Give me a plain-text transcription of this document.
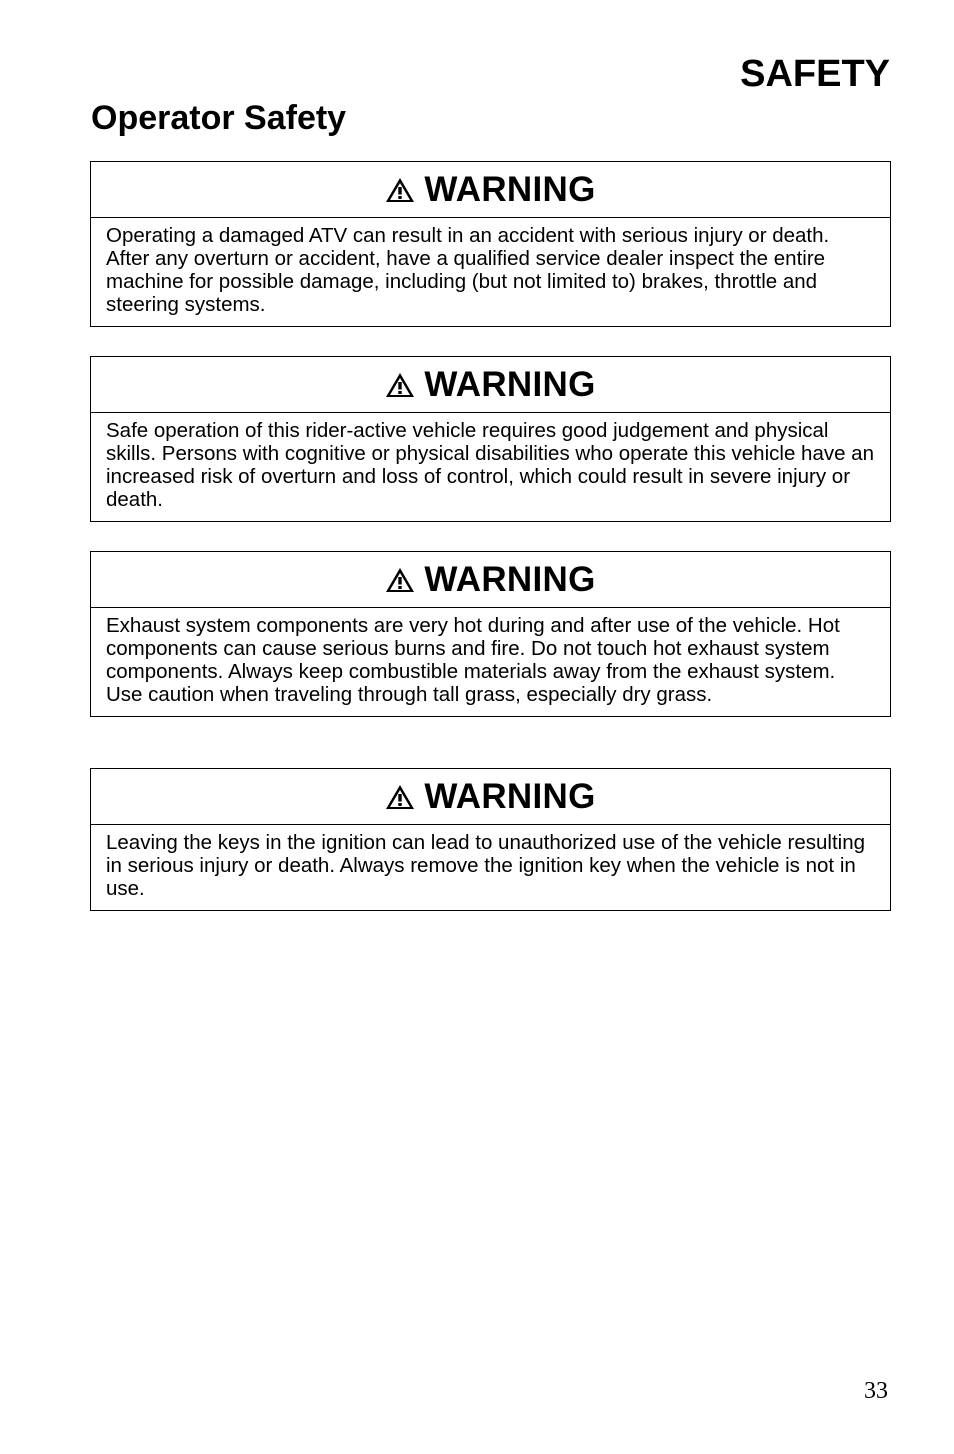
SAFETY
Operator Safety
WARNING
Operating a damaged ATV can result in an accident with serious injury or death. After any overturn or accident, have a qualified service dealer inspect the entire machine for possible damage, including (but not limited to) brakes, throttle and steering systems.
WARNING
Safe operation of this rider-active vehicle requires good judgement and physical skills. Persons with cognitive or physical disabilities who operate this vehicle have an increased risk of overturn and loss of control, which could result in severe injury or death.
WARNING
Exhaust system components are very hot during and after use of the vehicle. Hot components can cause serious burns and fire. Do not touch hot exhaust system components. Always keep combustible materials away from the exhaust system. Use caution when traveling through tall grass, especially dry grass.
WARNING
Leaving the keys in the ignition can lead to unauthorized use of the vehicle resulting in serious injury or death. Always remove the ignition key when the vehicle is not in use.
33
